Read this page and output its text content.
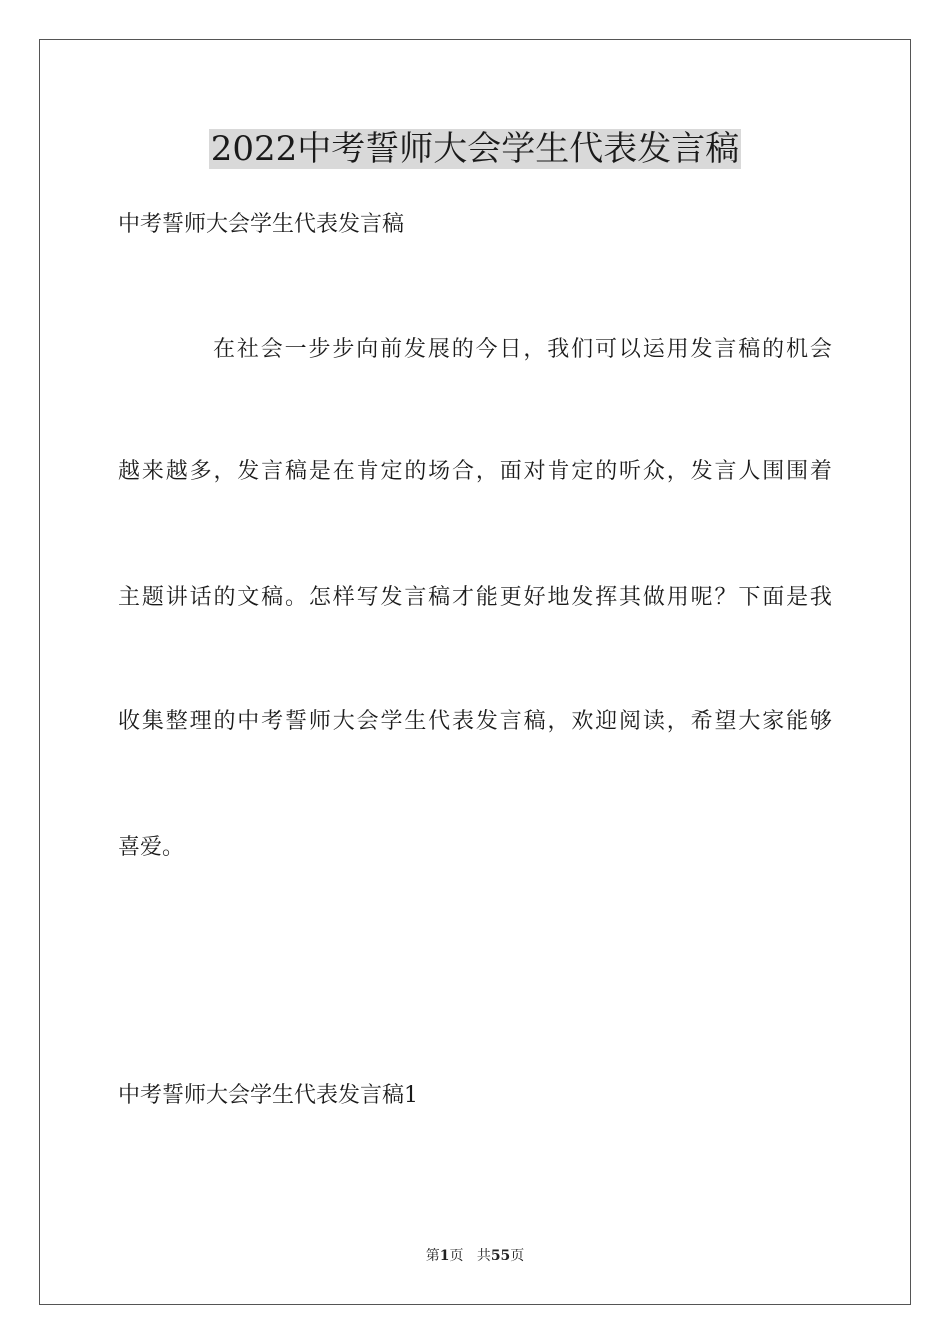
2022中考誓师大会学生代表发言稿
中考誓师大会学生代表发言稿
在 社 会 一 步 步 向 前 发 展 的 今 日 ， 我 们 可 以 运 用 发 言 稿 的 机 会
越 来 越 多 ， 发 言 稿 是 在 肯 定 的 场 合 ， 面 对 肯 定 的 听 众 ， 发 言 人 围 围 着
主 题 讲 话 的 文 稿 。 怎 样 写 发 言 稿 才 能 更 好 地 发 挥 其 做 用 呢 ？ 下 面 是 我
收 集 整 理 的 中 考 誓 师 大 会 学 生 代 表 发 言 稿 ， 欢 迎 阅 读 ， 希 望 大 家 能 够
喜爱。
中考誓师大会学生代表发言稿1
第1页 共55页
